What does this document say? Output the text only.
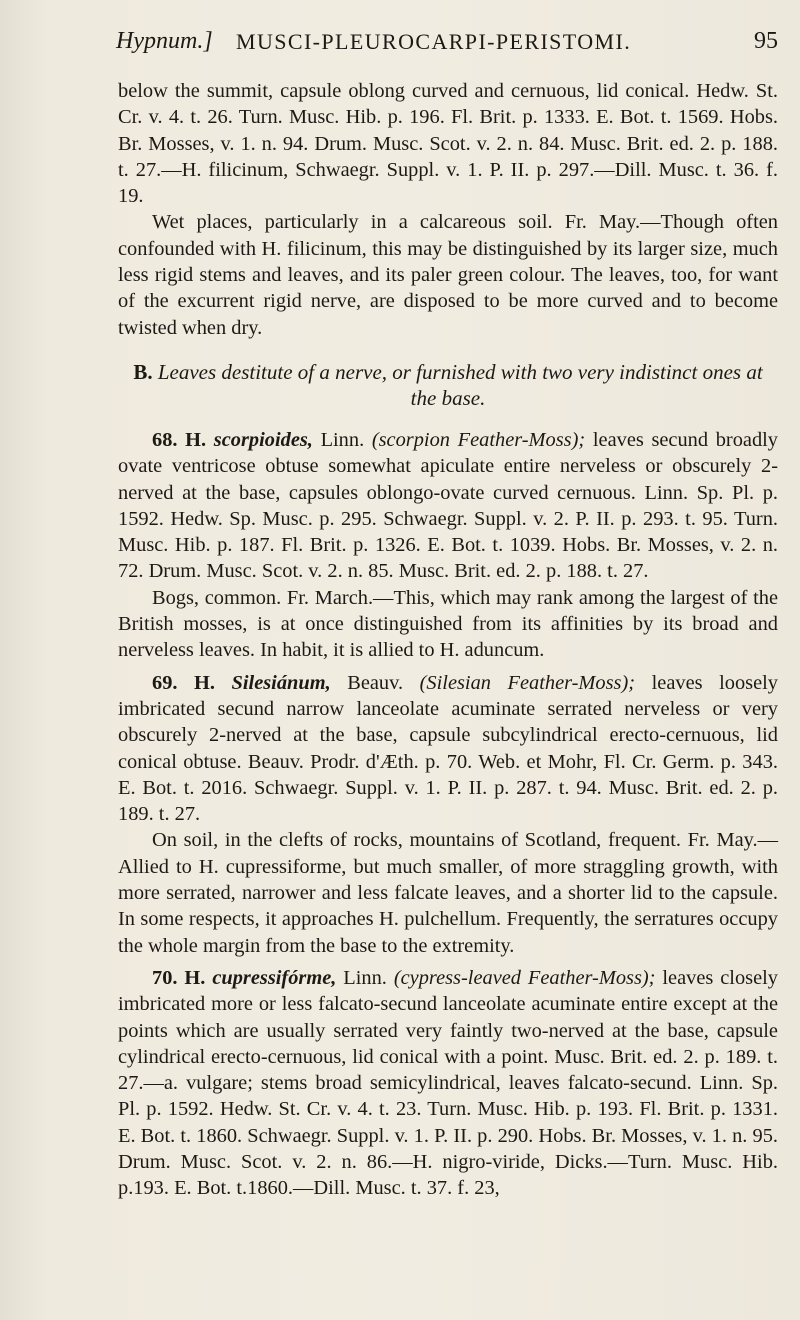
Hypnum.] MUSCI-PLEUROCARPI-PERISTOMI.	95

below the summit, capsule oblong curved and cernuous, lid conical. Hedw. St. Cr. v. 4. t. 26. Turn. Musc. Hib. p. 196. Fl. Brit. p. 1333. E. Bot. t. 1569. Hobs. Br. Mosses, v. 1. n. 94. Drum. Musc. Scot. v. 2. n. 84. Musc. Brit. ed. 2. p. 188. t. 27.—H. filicinum, Schwaegr. Suppl. v. 1. P. II. p. 297.—Dill. Musc. t. 36. f. 19.

Wet places, particularly in a calcareous soil. Fr. May.—Though often confounded with H. filicinum, this may be distinguished by its larger size, much less rigid stems and leaves, and its paler green colour. The leaves, too, for want of the excurrent rigid nerve, are disposed to be more curved and to become twisted when dry.

B. Leaves destitute of a nerve, or furnished with two very indistinct ones at the base.

68. H. scorpioides, Linn. (scorpion Feather-Moss); leaves secund broadly ovate ventricose obtuse somewhat apiculate entire nerveless or obscurely 2-nerved at the base, capsules oblongo-ovate curved cernuous. Linn. Sp. Pl. p. 1592. Hedw. Sp. Musc. p. 295. Schwaegr. Suppl. v. 2. P. II. p. 293. t. 95. Turn. Musc. Hib. p. 187. Fl. Brit. p. 1326. E. Bot. t. 1039. Hobs. Br. Mosses, v. 2. n. 72. Drum. Musc. Scot. v. 2. n. 85. Musc. Brit. ed. 2. p. 188. t. 27.

Bogs, common. Fr. March.—This, which may rank among the largest of the British mosses, is at once distinguished from its affinities by its broad and nerveless leaves. In habit, it is allied to H. aduncum.

69. H. Silesiánum, Beauv. (Silesian Feather-Moss); leaves loosely imbricated secund narrow lanceolate acuminate serrated nerveless or very obscurely 2-nerved at the base, capsule subcylindrical erecto-cernuous, lid conical obtuse. Beauv. Prodr. d'Æth. p. 70. Web. et Mohr, Fl. Cr. Germ. p. 343. E. Bot. t. 2016. Schwaegr. Suppl. v. 1. P. II. p. 287. t. 94. Musc. Brit. ed. 2. p. 189. t. 27.

On soil, in the clefts of rocks, mountains of Scotland, frequent. Fr. May.—Allied to H. cupressiforme, but much smaller, of more straggling growth, with more serrated, narrower and less falcate leaves, and a shorter lid to the capsule. In some respects, it approaches H. pulchellum. Frequently, the serratures occupy the whole margin from the base to the extremity.

70. H. cupressifórme, Linn. (cypress-leaved Feather-Moss); leaves closely imbricated more or less falcato-secund lanceolate acuminate entire except at the points which are usually serrated very faintly two-nerved at the base, capsule cylindrical erecto-cernuous, lid conical with a point. Musc. Brit. ed. 2. p. 189. t. 27.—a. vulgare; stems broad semicylindrical, leaves falcato-secund. Linn. Sp. Pl. p. 1592. Hedw. St. Cr. v. 4. t. 23. Turn. Musc. Hib. p. 193. Fl. Brit. p. 1331. E. Bot. t. 1860. Schwaegr. Suppl. v. 1. P. II. p. 290. Hobs. Br. Mosses, v. 1. n. 95. Drum. Musc. Scot. v. 2. n. 86.—H. nigro-viride, Dicks.—Turn. Musc. Hib. p.193. E. Bot. t.1860.—Dill. Musc. t. 37. f. 23,
